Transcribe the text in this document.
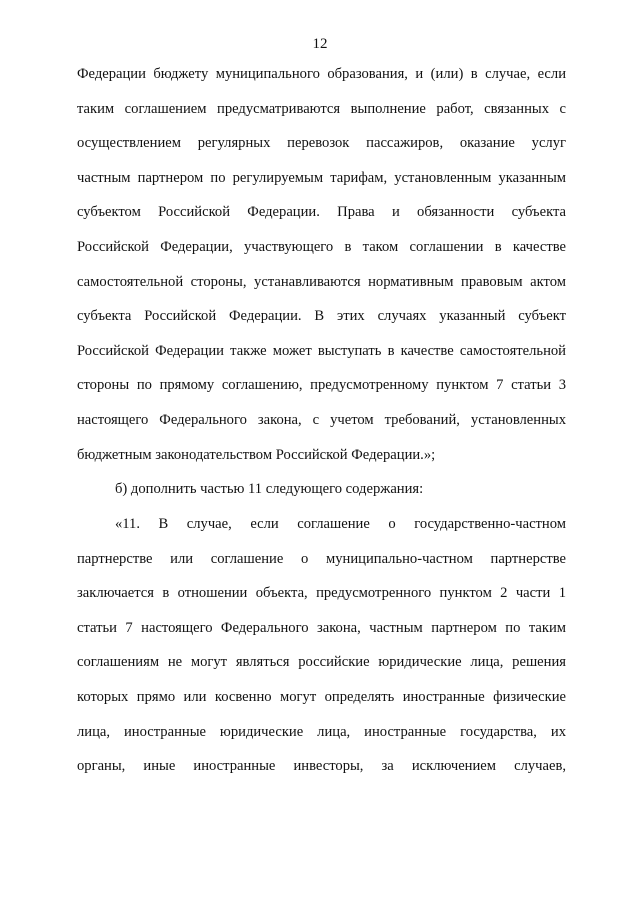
12
Федерации бюджету муниципального образования, и (или) в случае, если
таким соглашением предусматриваются выполнение работ, связанных с
осуществлением регулярных перевозок пассажиров, оказание услуг
частным партнером по регулируемым тарифам, установленным указанным
субъектом Российской Федерации. Права и обязанности субъекта
Российской Федерации, участвующего в таком соглашении в качестве
самостоятельной стороны, устанавливаются нормативным правовым актом
субъекта Российской Федерации. В этих случаях указанный субъект
Российской Федерации также может выступать в качестве самостоятельной
стороны по прямому соглашению, предусмотренному пунктом 7 статьи 3
настоящего Федерального закона, с учетом требований, установленных
бюджетным законодательством Российской Федерации.»;
б) дополнить частью 11 следующего содержания:
«11. В случае, если соглашение о государственно-частном
партнерстве или соглашение о муниципально-частном партнерстве
заключается в отношении объекта, предусмотренного пунктом 2 части 1
статьи 7 настоящего Федерального закона, частным партнером по таким
соглашениям не могут являться российские юридические лица, решения
которых прямо или косвенно могут определять иностранные физические
лица, иностранные юридические лица, иностранные государства, их
органы, иные иностранные инвесторы, за исключением случаев,
